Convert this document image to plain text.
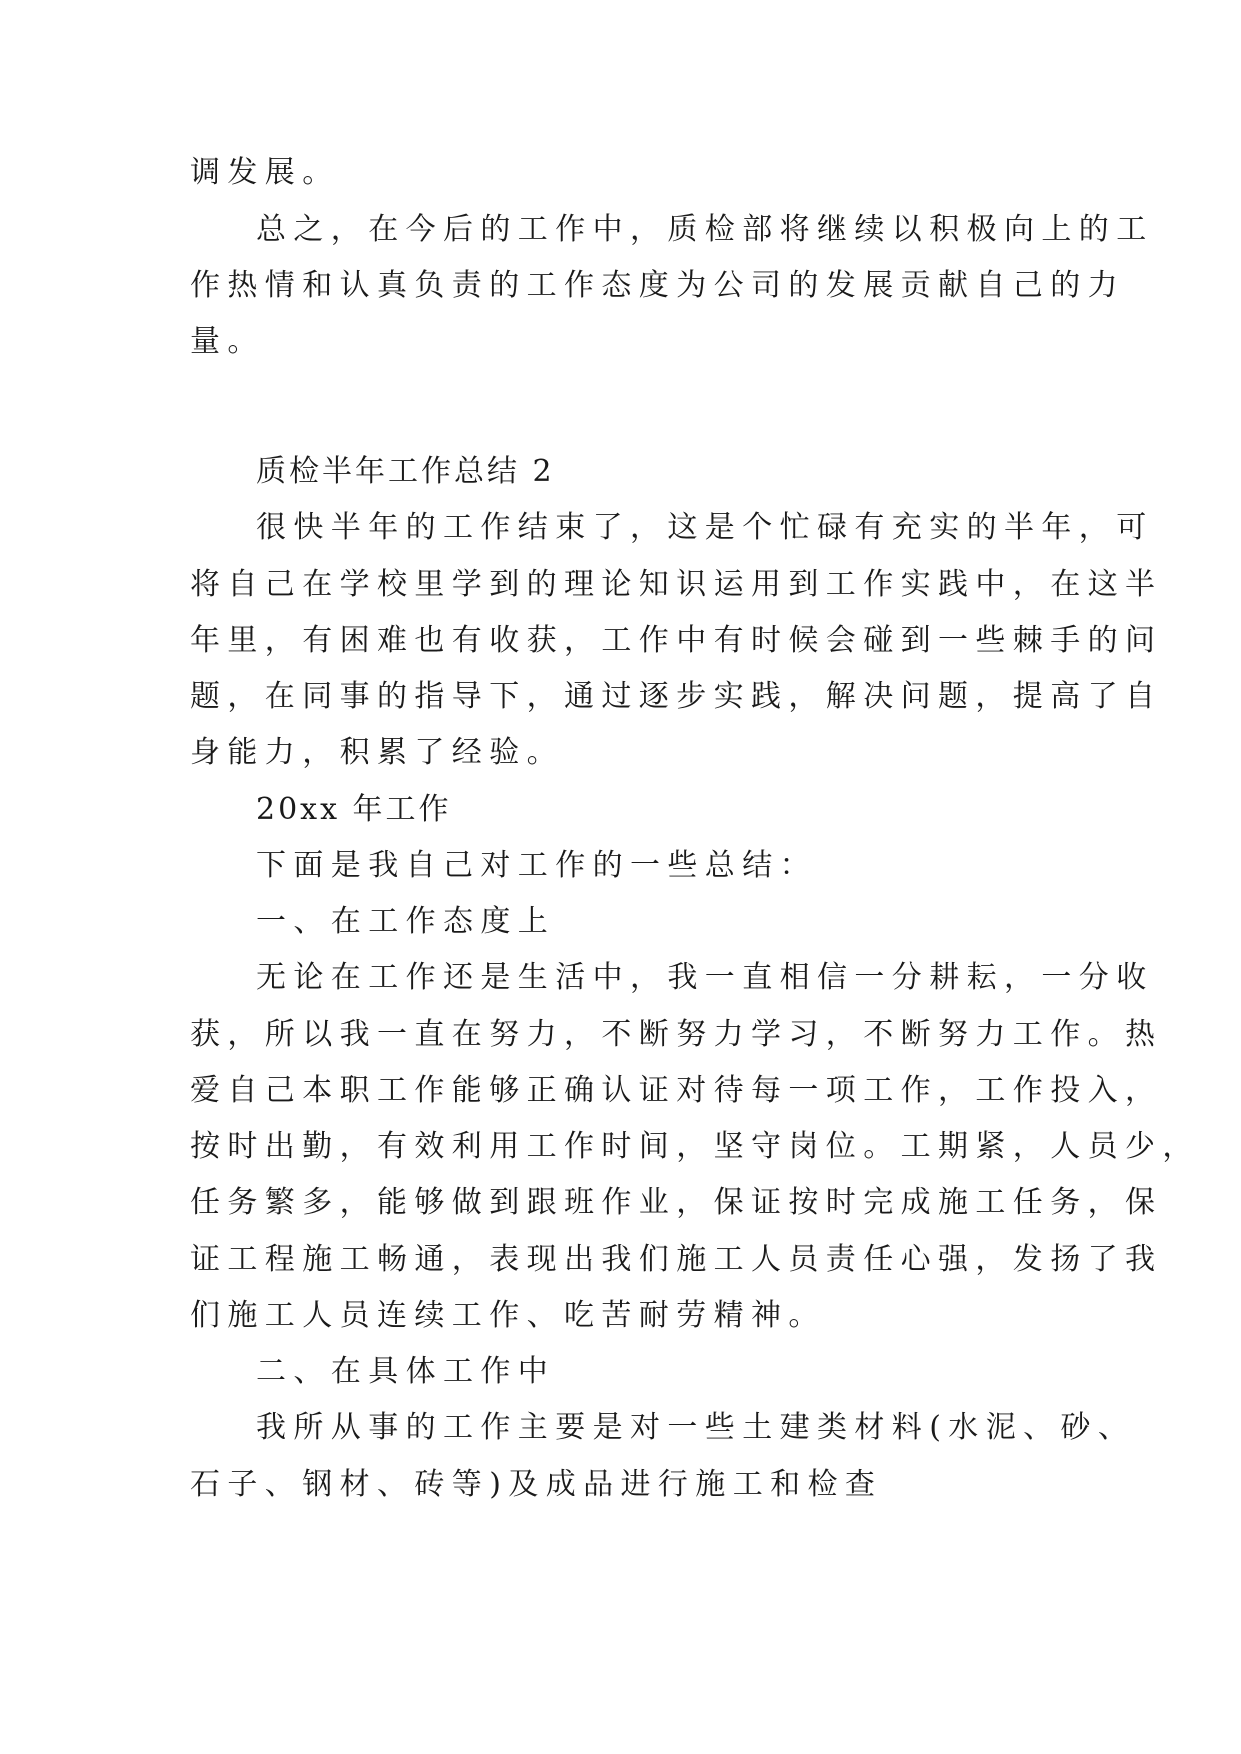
调发展。
总之，在今后的工作中，质检部将继续以积极向上的工
作热情和认真负责的工作态度为公司的发展贡献自己的力
量。
质检半年工作总结 2
很快半年的工作结束了，这是个忙碌有充实的半年，可
将自己在学校里学到的理论知识运用到工作实践中，在这半
年里，有困难也有收获，工作中有时候会碰到一些棘手的问
题，在同事的指导下，通过逐步实践，解决问题，提高了自
身能力，积累了经验。
20xx 年工作
下面是我自己对工作的一些总结：
一、在工作态度上
无论在工作还是生活中，我一直相信一分耕耘，一分收
获，所以我一直在努力，不断努力学习，不断努力工作。热
爱自己本职工作能够正确认证对待每一项工作，工作投入，
按时出勤，有效利用工作时间，坚守岗位。工期紧，人员少，
任务繁多，能够做到跟班作业，保证按时完成施工任务，保
证工程施工畅通，表现出我们施工人员责任心强，发扬了我
们施工人员连续工作、吃苦耐劳精神。
二、在具体工作中
我所从事的工作主要是对一些土建类材料(水泥、砂、
石子、钢材、砖等)及成品进行施工和检查
